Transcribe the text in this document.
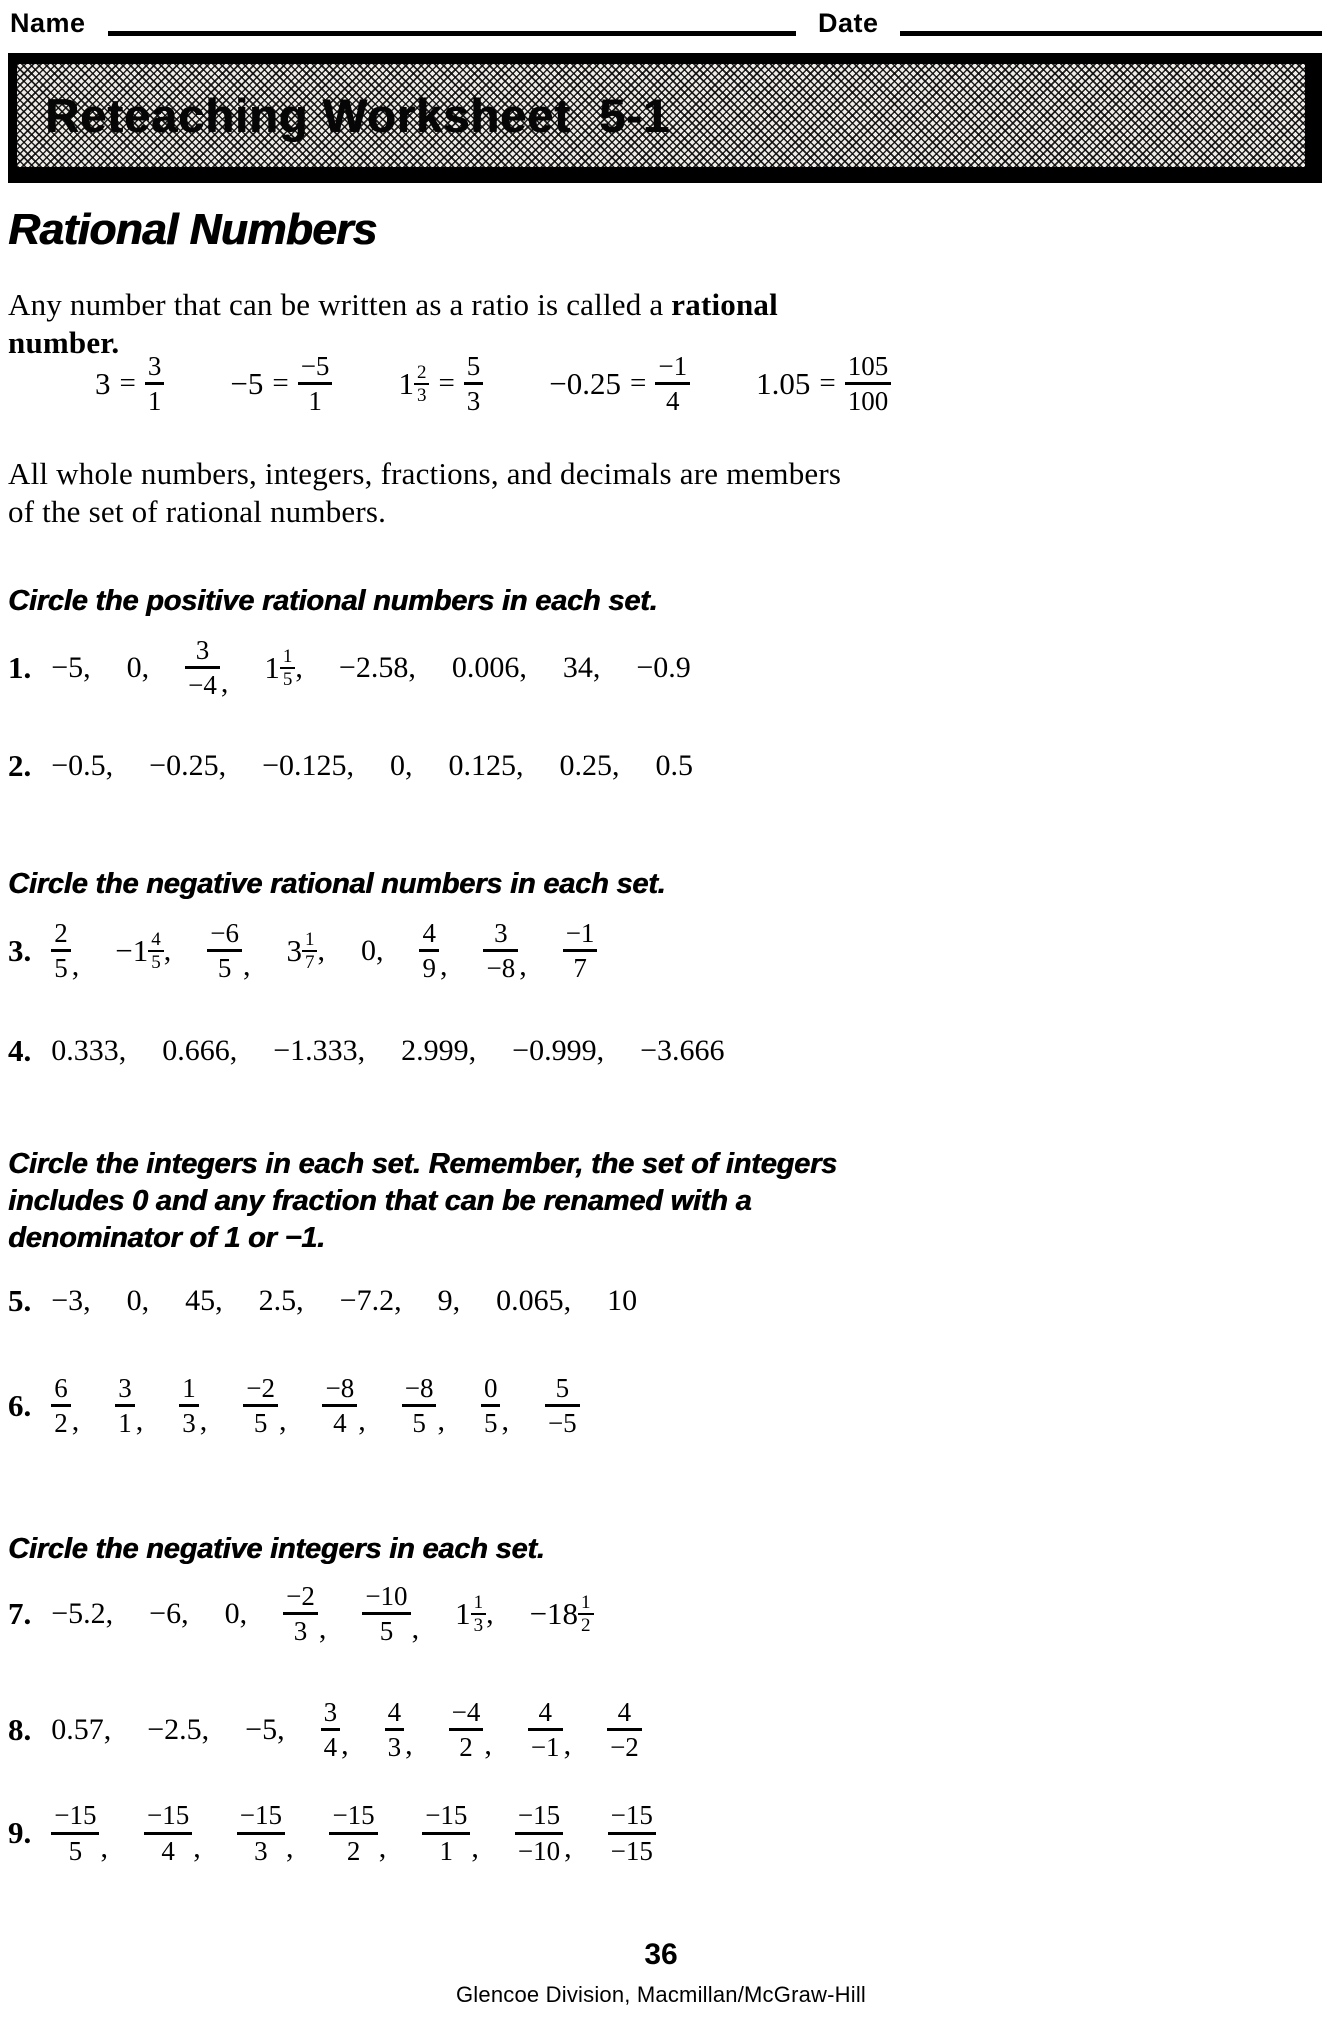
Name	Date
Reteaching Worksheet  5-1
Rational Numbers
Any number that can be written as a ratio is called a rational
number.
$3 = \frac{3}{1} -5 = \frac{-5}{1} 1 \frac{2}{3} = \frac{5}{3} -0.25 = \frac{-1}{4} 1.05 = \frac{105}{100}$
All whole numbers, integers, fractions, and decimals are members
of the set of rational numbers.
Circle the positive rational numbers in each set.
1. −5 , 0 , $\frac{3}{-4}$ , $1 \frac{1}{5}$ , −2.58 , 0.006 , 34 , −0.9
2. −0.5 , −0.25 , −0.125 , 0 , 0.125 , 0.25 , 0.5
Circle the negative rational numbers in each set.
3. $\frac{2}{5}$ , $-1 \frac{4}{5}$ , $\frac{-6}{5}$ , $3 \frac{1}{7}$ , 0 , $\frac{4}{9}$ , $\frac{3}{-8}$ , $\frac{-1}{7}$
4. 0.333 , 0.666 , −1.333 , 2.999 , −0.999 , −3.666
Circle the integers in each set. Remember, the set of integers
includes 0 and any fraction that can be renamed with a
denominator of 1 or −1.
5. −3 , 0 , 45 , 2.5 , −7.2 , 9 , 0.065 , 10
6. $\frac{6}{2}$ , $\frac{3}{1}$ , $\frac{1}{3}$ , $\frac{-2}{5}$ , $\frac{-8}{4}$ , $\frac{-8}{5}$ , $\frac{0}{5}$ , $\frac{5}{-5}$
Circle the negative integers in each set.
7. −5.2 , −6 , 0 , $\frac{-2}{3}$ , $\frac{-10}{5}$ , $1 \frac{1}{3}$ , $-18 \frac{1}{2}$
8. 0.57 , −2.5 , −5 , $\frac{3}{4}$ , $\frac{4}{3}$ , $\frac{-4}{2}$ , $\frac{4}{-1}$ , $\frac{4}{-2}$
9. $\frac{-15}{5}$ , $\frac{-15}{4}$ , $\frac{-15}{3}$ , $\frac{-15}{2}$ , $\frac{-15}{1}$ , $\frac{-15}{-10}$ , $\frac{-15}{-15}$
36
Glencoe Division, Macmillan/McGraw-Hill
